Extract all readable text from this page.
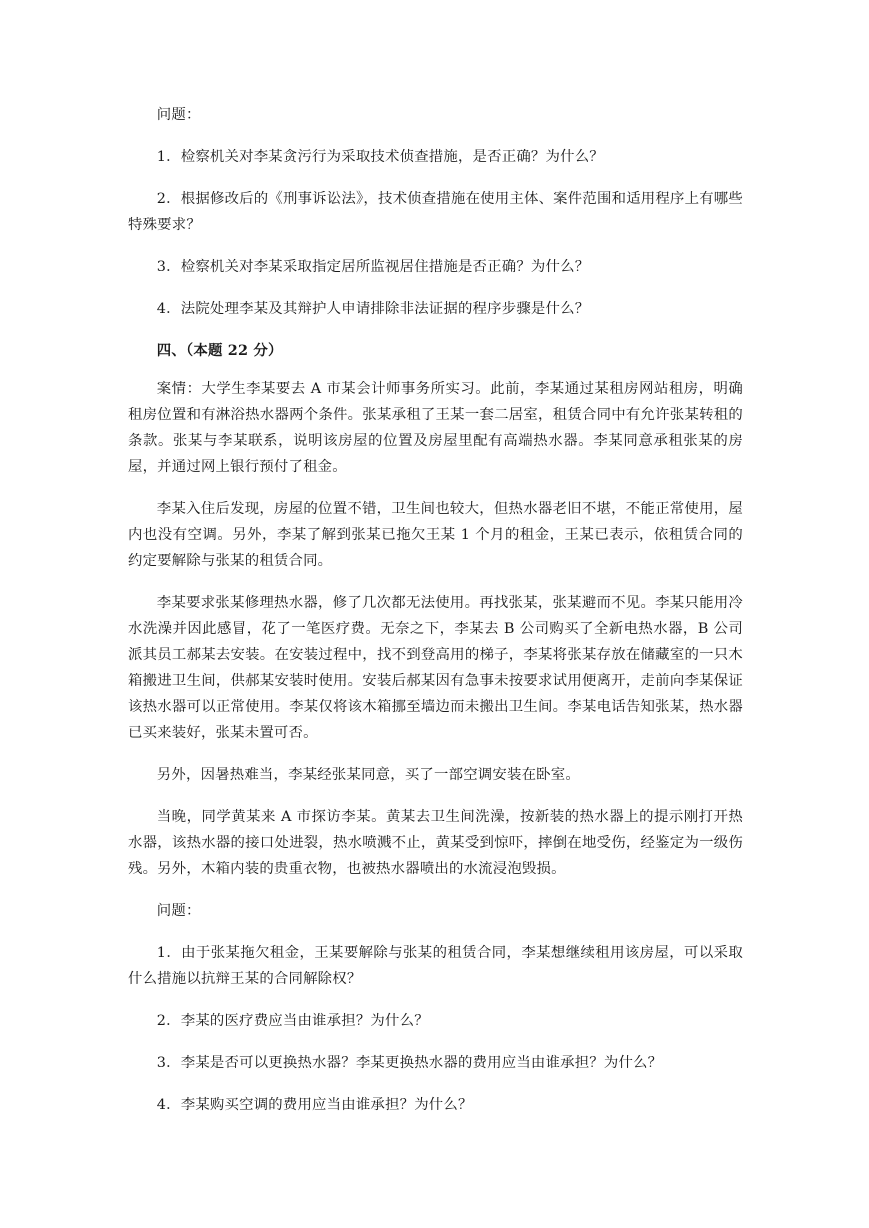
问题：

1．检察机关对李某贪污行为采取技术侦查措施，是否正确？为什么？

2．根据修改后的《刑事诉讼法》，技术侦查措施在使用主体、案件范围和适用程序上有哪些特殊要求？

3．检察机关对李某采取指定居所监视居住措施是否正确？为什么？

4．法院处理李某及其辩护人申请排除非法证据的程序步骤是什么？

四、（本题 22 分）

案情：大学生李某要去 A 市某会计师事务所实习。此前，李某通过某租房网站租房，明确租房位置和有淋浴热水器两个条件。张某承租了王某一套二居室，租赁合同中有允许张某转租的条款。张某与李某联系，说明该房屋的位置及房屋里配有高端热水器。李某同意承租张某的房屋，并通过网上银行预付了租金。

李某入住后发现，房屋的位置不错，卫生间也较大，但热水器老旧不堪，不能正常使用，屋内也没有空调。另外，李某了解到张某已拖欠王某 1 个月的租金，王某已表示，依租赁合同的约定要解除与张某的租赁合同。

李某要求张某修理热水器，修了几次都无法使用。再找张某，张某避而不见。李某只能用冷水洗澡并因此感冒，花了一笔医疗费。无奈之下，李某去 B 公司购买了全新电热水器，B 公司派其员工郝某去安装。在安装过程中，找不到登高用的梯子，李某将张某存放在储藏室的一只木箱搬进卫生间，供郝某安装时使用。安装后郝某因有急事未按要求试用便离开，走前向李某保证该热水器可以正常使用。李某仅将该木箱挪至墙边而未搬出卫生间。李某电话告知张某，热水器已买来装好，张某未置可否。

另外，因暑热难当，李某经张某同意，买了一部空调安装在卧室。

当晚，同学黄某来 A 市探访李某。黄某去卫生间洗澡，按新装的热水器上的提示刚打开热水器，该热水器的接口处进裂，热水喷溅不止，黄某受到惊吓，摔倒在地受伤，经鉴定为一级伤残。另外，木箱内装的贵重衣物，也被热水器喷出的水流浸泡毁损。

问题：

1．由于张某拖欠租金，王某要解除与张某的租赁合同，李某想继续租用该房屋，可以采取什么措施以抗辩王某的合同解除权？

2．李某的医疗费应当由谁承担？为什么？

3．李某是否可以更换热水器？李某更换热水器的费用应当由谁承担？为什么？

4．李某购买空调的费用应当由谁承担？为什么？
